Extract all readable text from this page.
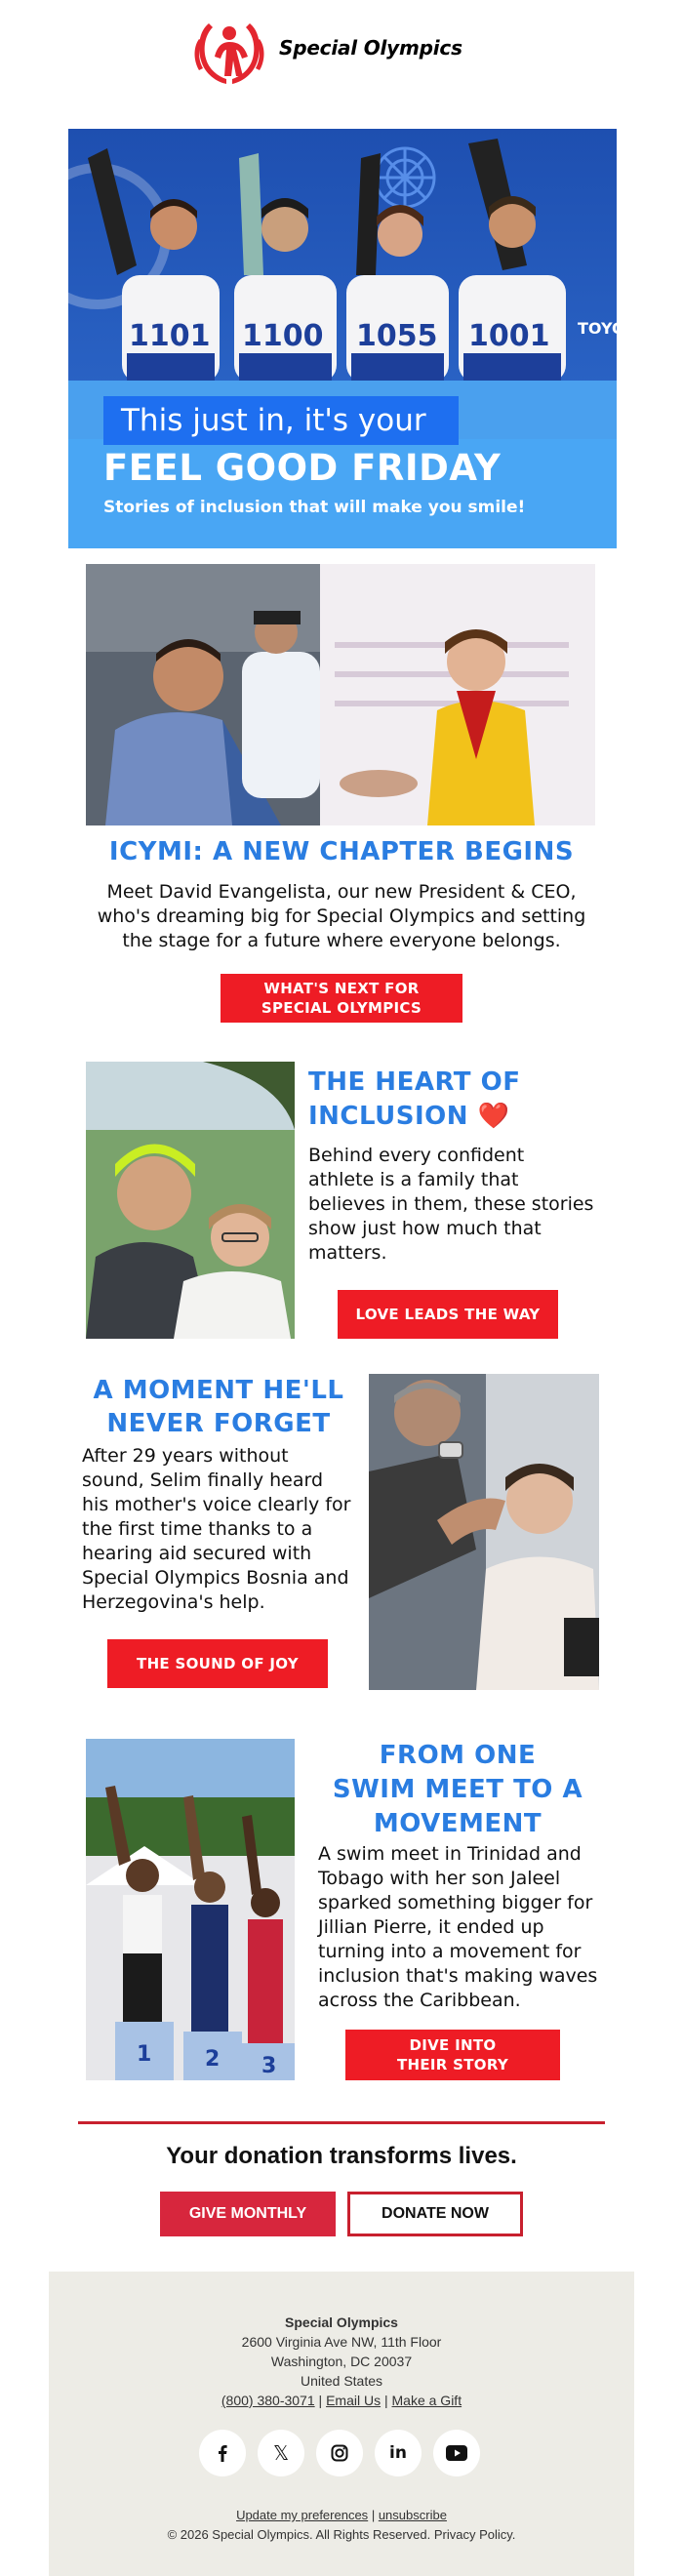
Special Olympics
1101 1100 1055 1001 TOYOTA
This just in, it's your
FEEL GOOD FRIDAY
Stories of inclusion that will make you smile!
ICYMI: A NEW CHAPTER BEGINS
Meet David Evangelista, our new President & CEO,
who's dreaming big for Special Olympics and setting
the stage for a future where everyone belongs.
WHAT'S NEXT FOR
SPECIAL OLYMPICS
THE HEART OF
INCLUSION ❤️
Behind every confident
athlete is a family that
believes in them, these stories
show just how much that
matters.
LOVE LEADS THE WAY
A MOMENT HE'LL
NEVER FORGET
After 29 years without
sound, Selim finally heard
his mother's voice clearly for
the first time thanks to a
hearing aid secured with
Special Olympics Bosnia and
Herzegovina's help.
THE SOUND OF JOY
1 2 3
FROM ONE
SWIM MEET TO A
MOVEMENT
A swim meet in Trinidad and
Tobago with her son Jaleel
sparked something bigger for
Jillian Pierre, it ended up
turning into a movement for
inclusion that's making waves
across the Caribbean.
DIVE INTO
THEIR STORY
Your donation transforms lives.
GIVE MONTHLY	DONATE NOW
Special Olympics
2600 Virginia Ave NW, 11th Floor
Washington, DC 20037
United States
(800) 380-3071 | Email Us | Make a Gift
𝕏	in
Update my preferences | unsubscribe
© 2026 Special Olympics. All Rights Reserved. Privacy Policy.
